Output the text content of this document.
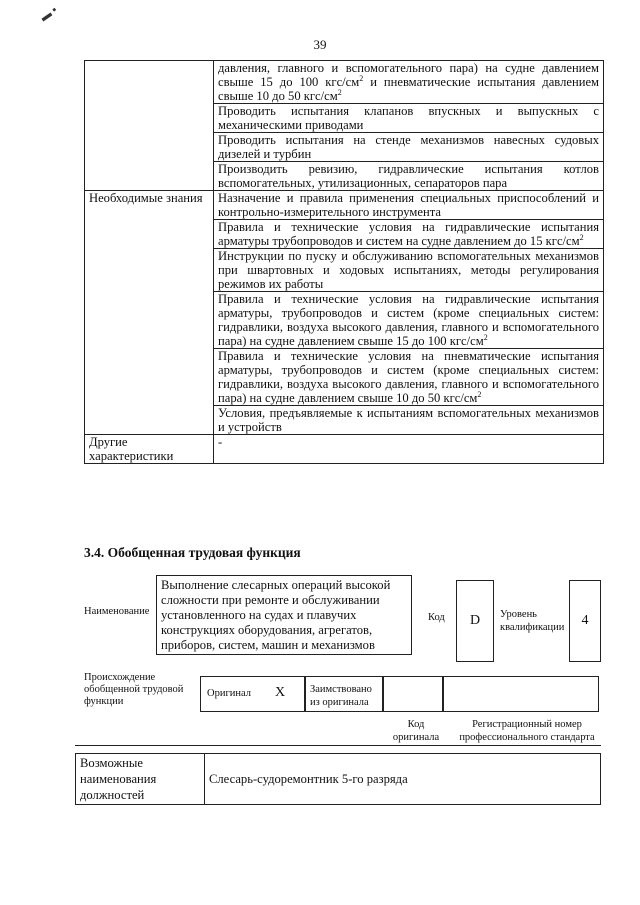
▬ ▪
39
	давления, главного и вспомогательного пара) на судне давлением свыше 15 до 100 кгс/$см^2$ и пневматические испытания давлением свыше 10 до 50 кгс/$см^2$
	Проводить испытания клапанов впускных и выпускных с механическими приводами
	Проводить испытания на стенде механизмов навесных судовых дизелей и турбин
	Производить ревизию, гидравлические испытания котлов вспомогательных, утилизационных, сепараторов пара
Необходимые знания	Назначение и правила применения специальных приспособлений и контрольно-измерительного инструмента
	Правила и технические условия на гидравлические испытания арматуры трубопроводов и систем на судне давлением до 15 кгс/$см^2$
	Инструкции по пуску и обслуживанию вспомогательных механизмов при швартовных и ходовых испытаниях, методы регулирования режимов их работы
	Правила и технические условия на гидравлические испытания арматуры, трубопроводов и систем (кроме специальных систем: гидравлики, воздуха высокого давления, главного и вспомогательного пара) на судне давлением свыше 15 до 100 кгс/$см^2$
	Правила и технические условия на пневматические испытания арматуры, трубопроводов и систем (кроме специальных систем: гидравлики, воздуха высокого давления, главного и вспомогательного пара) на судне давлением свыше 10 до 50 кгс/$см^2$
	Условия, предъявляемые к испытаниям вспомогательных механизмов и устройств
Другие характеристики	-
3.4. Обобщенная трудовая функция
Наименование
Выполнение слесарных операций высокой сложности при ремонте и обслуживании установленного на судах и плавучих конструкциях оборудования, агрегатов, приборов, систем, машин и механизмов
Код	D	Уровень квалификации	4
Происхождение обобщенной трудовой функции
Оригинал X	Заимствовано из оригинала
Код оригинала
Регистрационный номер профессионального стандарта
Возможные наименования должностей	Слесарь-судоремонтник 5-го разряда
